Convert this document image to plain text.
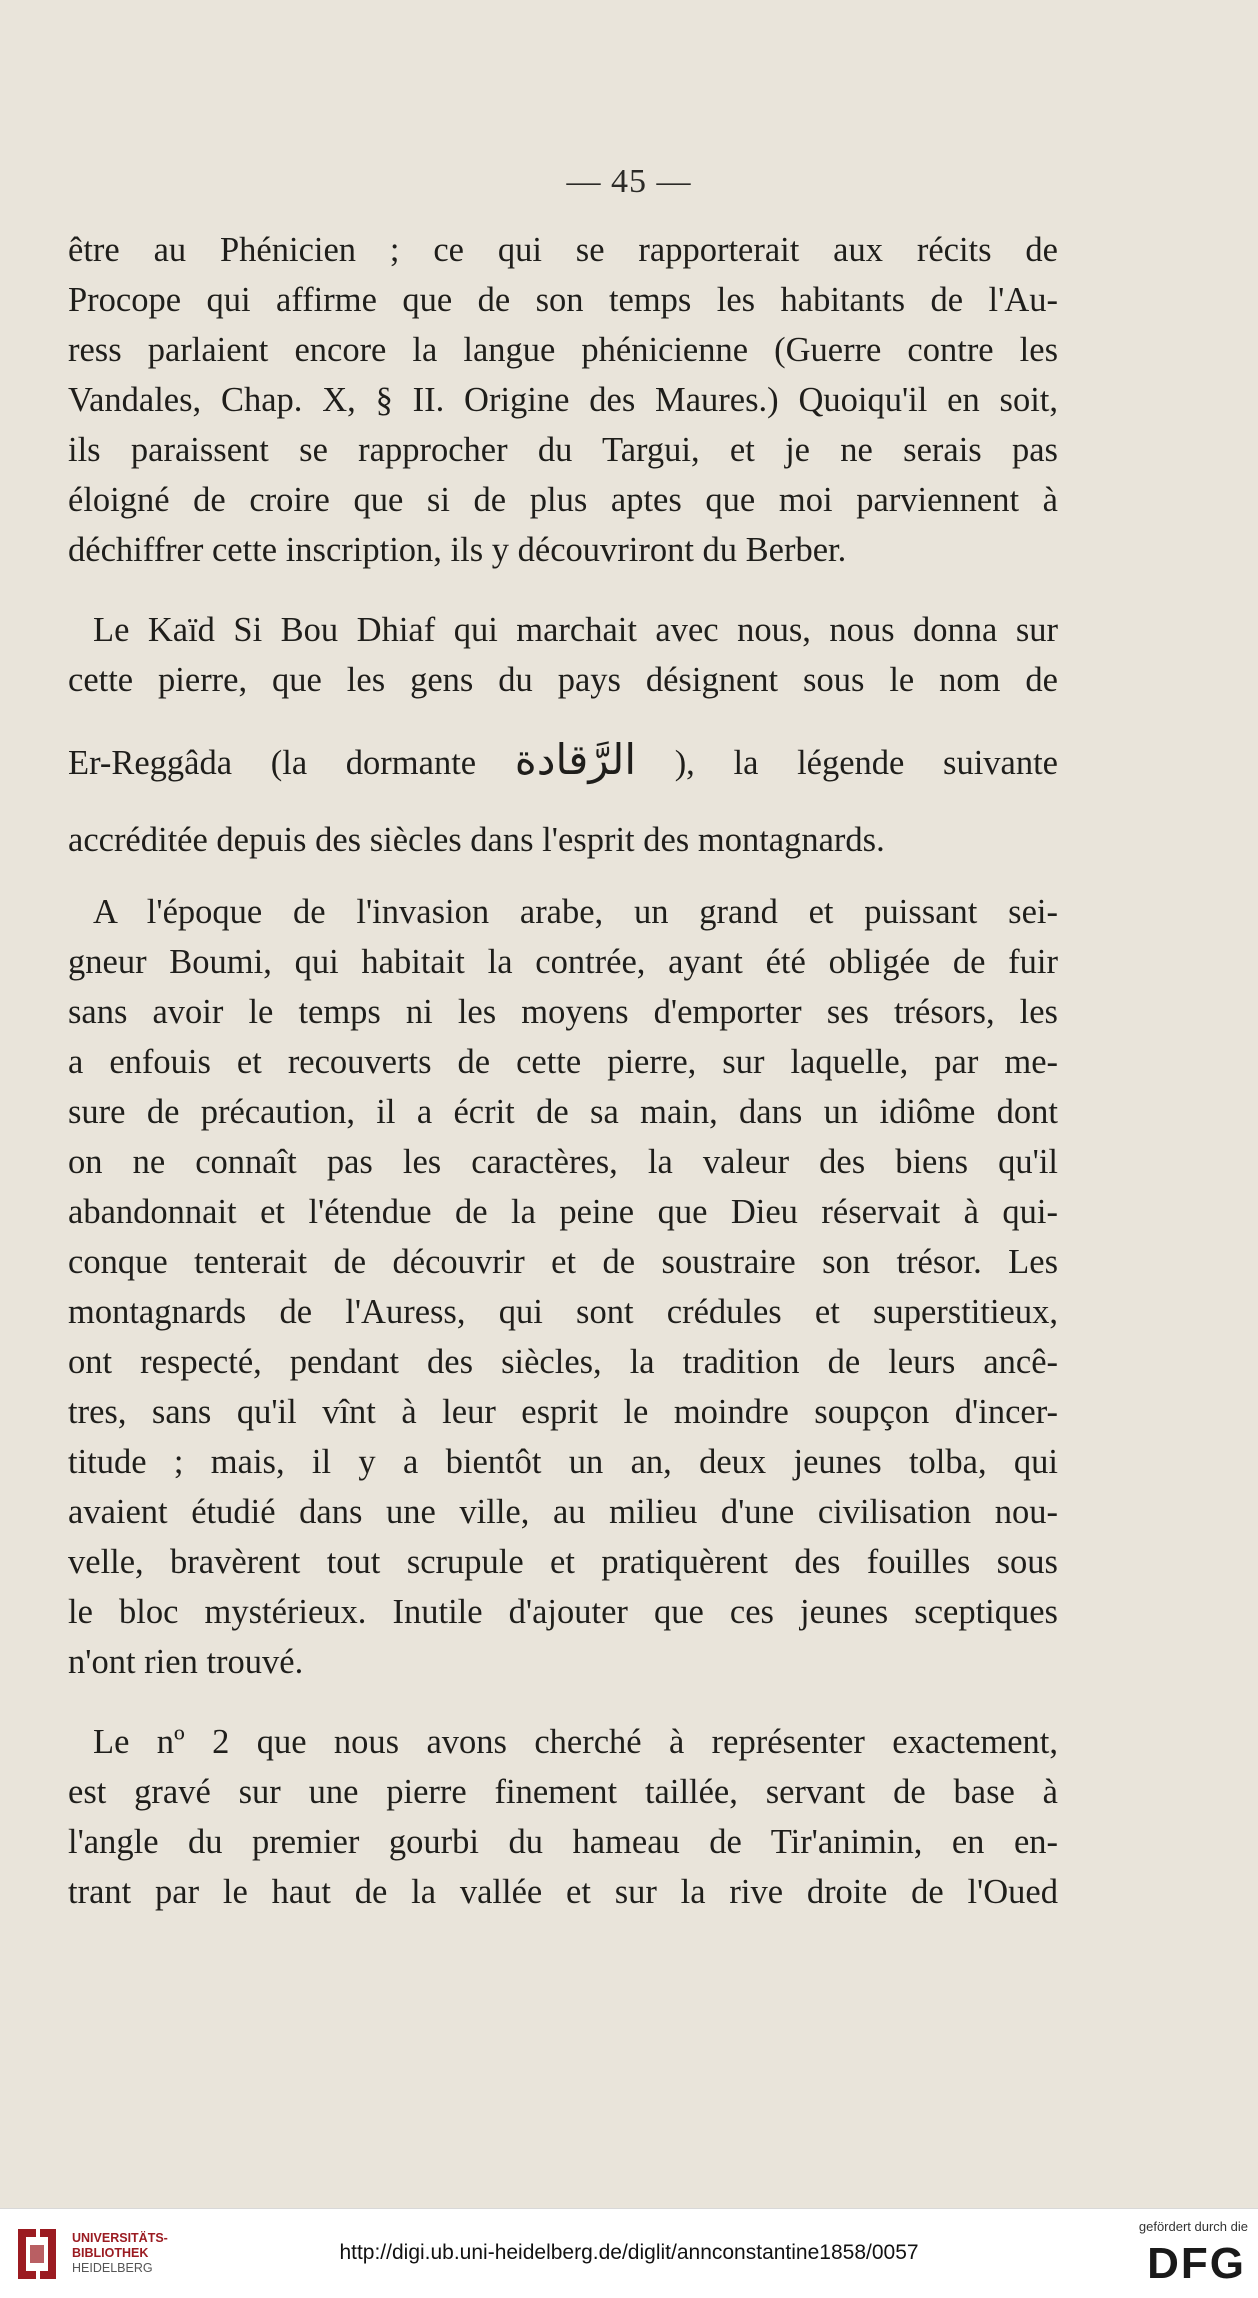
— 45 —
être au Phénicien ; ce qui se rapporterait aux récits de
Procope qui affirme que de son temps les habitants de l'Au-
ress parlaient encore la langue phénicienne (Guerre contre les
Vandales, Chap. X, § II. Origine des Maures.) Quoiqu'il en soit,
ils paraissent se rapprocher du Targui, et je ne serais pas
éloigné de croire que si de plus aptes que moi parviennent à
déchiffrer cette inscription, ils y découvriront du Berber.
Le Kaïd Si Bou Dhiaf qui marchait avec nous, nous donna sur
cette pierre, que les gens du pays désignent sous le nom de
Er-Reggâda (la dormante الرَّقادة ), la légende suivante
accréditée depuis des siècles dans l'esprit des montagnards.
A l'époque de l'invasion arabe, un grand et puissant sei-
gneur Boumi, qui habitait la contrée, ayant été obligée de fuir
sans avoir le temps ni les moyens d'emporter ses trésors, les
a enfouis et recouverts de cette pierre, sur laquelle, par me-
sure de précaution, il a écrit de sa main, dans un idiôme dont
on ne connaît pas les caractères, la valeur des biens qu'il
abandonnait et l'étendue de la peine que Dieu réservait à qui-
conque tenterait de découvrir et de soustraire son trésor. Les
montagnards de l'Auress, qui sont crédules et superstitieux,
ont respecté, pendant des siècles, la tradition de leurs ancê-
tres, sans qu'il vînt à leur esprit le moindre soupçon d'incer-
titude ; mais, il y a bientôt un an, deux jeunes tolba, qui
avaient étudié dans une ville, au milieu d'une civilisation nou-
velle, bravèrent tout scrupule et pratiquèrent des fouilles sous
le bloc mystérieux. Inutile d'ajouter que ces jeunes sceptiques
n'ont rien trouvé.
Le nº 2 que nous avons cherché à représenter exactement,
est gravé sur une pierre finement taillée, servant de base à
l'angle du premier gourbi du hameau de Tir'animin, en en-
trant par le haut de la vallée et sur la rive droite de l'Oued
UNIVERSITÄTS-
BIBLIOTHEK
HEIDELBERG
http://digi.ub.uni-heidelberg.de/diglit/annconstantine1858/0057
gefördert durch die
DFG
